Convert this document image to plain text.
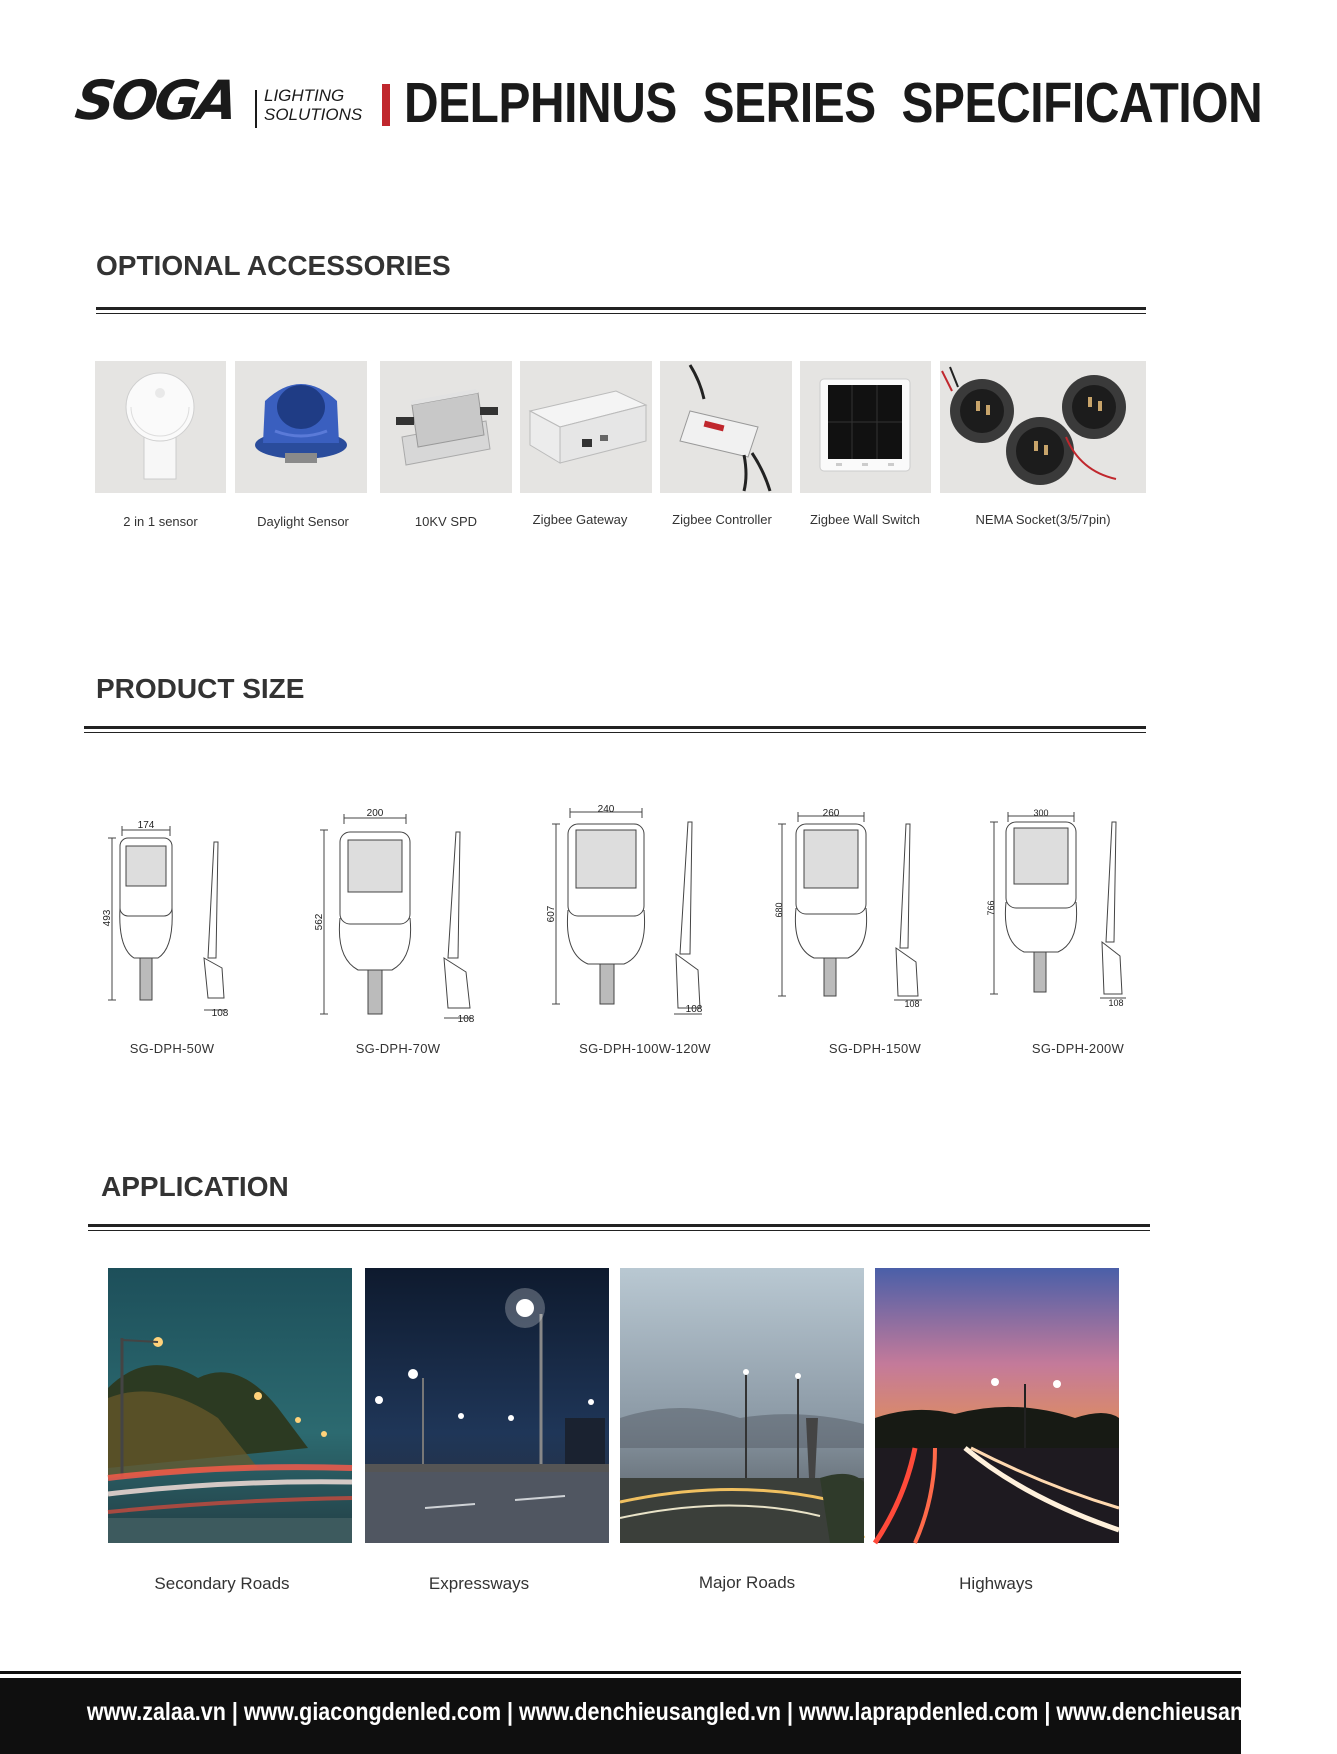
SOGA LIGHTING
SOLUTIONS DELPHINUS  SERIES  SPECIFICATION
OPTIONAL ACCESSORIES
2 in 1 sensor	Daylight Sensor	10KV SPD	Zigbee Gateway	Zigbee Controller	Zigbee Wall Switch	NEMA Socket(3/5/7pin)
PRODUCT SIZE
174
493
108
200
562
108
240
607
108
260
680
108
300
766
108
SG-DPH-50W	SG-DPH-70W	SG-DPH-100W-120W	SG-DPH-150W	SG-DPH-200W
APPLICATION
Secondary Roads	Expressways	Major Roads	Highways
www.zalaa.vn | www.giacongdenled.com | www.denchieusangled.vn | www.laprapdenled.com | www.denchieusangled.com
